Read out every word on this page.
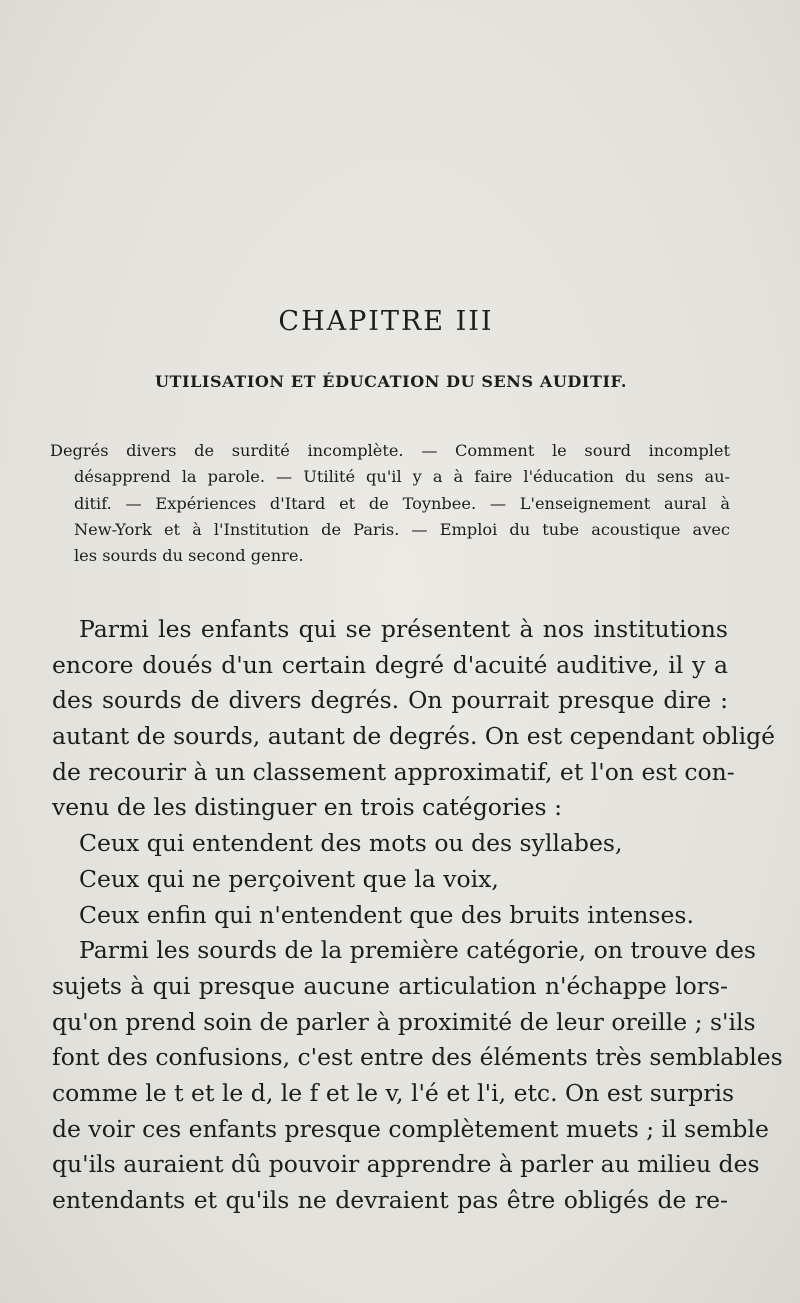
CHAPITRE III
UTILISATION ET ÉDUCATION DU SENS AUDITIF.
Degrés divers de surdité incomplète. — Comment le sourd incomplet
désapprend la parole. — Utilité qu'il y a à faire l'éducation du sens au-
ditif. — Expériences d'Itard et de Toynbee. — L'enseignement aural à
New-York et à l'Institution de Paris. — Emploi du tube acoustique avec
les sourds du second genre.
Parmi les enfants qui se présentent à nos institutions
encore doués d'un certain degré d'acuité auditive, il y a
des sourds de divers degrés. On pourrait presque dire :
autant de sourds, autant de degrés. On est cependant obligé
de recourir à un classement approximatif, et l'on est con-
venu de les distinguer en trois catégories :
Ceux qui entendent des mots ou des syllabes,
Ceux qui ne perçoivent que la voix,
Ceux enfin qui n'entendent que des bruits intenses.
Parmi les sourds de la première catégorie, on trouve des
sujets à qui presque aucune articulation n'échappe lors-
qu'on prend soin de parler à proximité de leur oreille ; s'ils
font des confusions, c'est entre des éléments très semblables
comme le t et le d, le f et le v, l'é et l'i, etc. On est surpris
de voir ces enfants presque complètement muets ; il semble
qu'ils auraient dû pouvoir apprendre à parler au milieu des
entendants et qu'ils ne devraient pas être obligés de re-
